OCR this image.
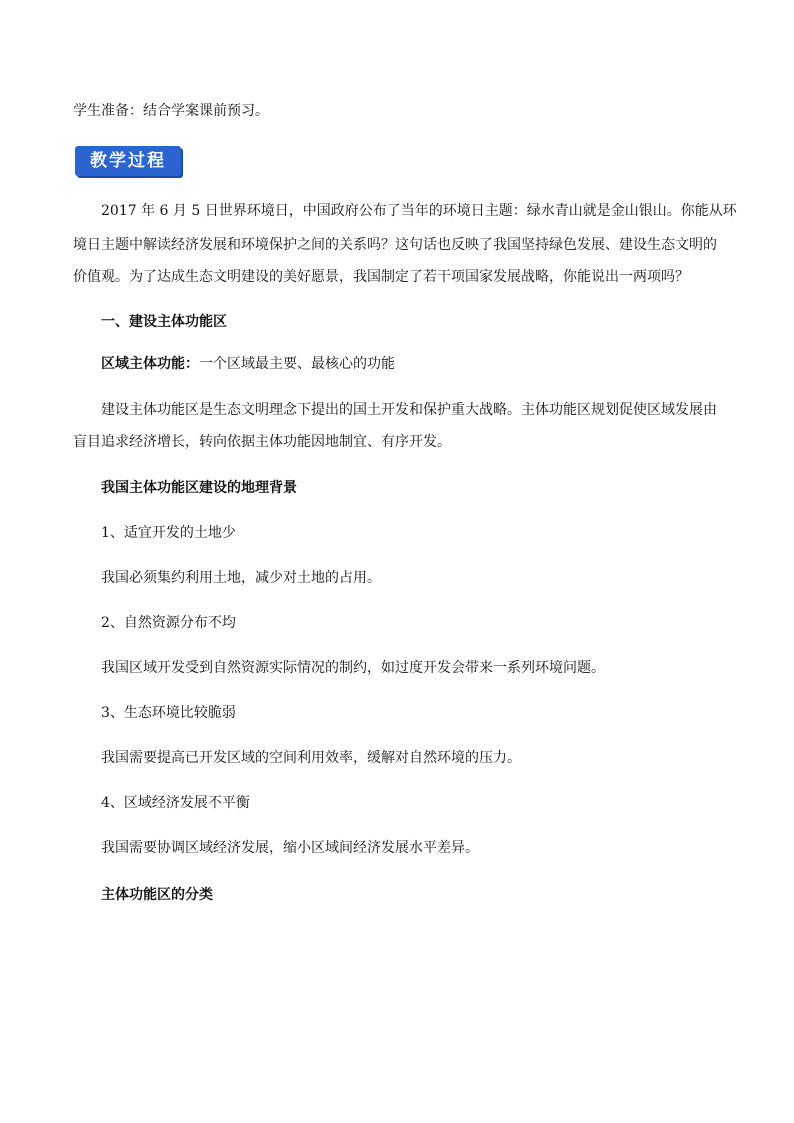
学生准备：结合学案课前预习。
教学过程
2017 年 6 月 5 日世界环境日，中国政府公布了当年的环境日主题：绿水青山就是金山银山。你能从环
境日主题中解读经济发展和环境保护之间的关系吗？这句话也反映了我国坚持绿色发展、建设生态文明的
价值观。为了达成生态文明建设的美好愿景，我国制定了若干项国家发展战略，你能说出一两项吗？
一、建设主体功能区
区域主体功能：一个区域最主要、最核心的功能
建设主体功能区是生态文明理念下提出的国土开发和保护重大战略。主体功能区规划促使区域发展由
盲目追求经济增长，转向依据主体功能因地制宜、有序开发。
我国主体功能区建设的地理背景
1、适宜开发的土地少
我国必须集约利用土地，减少对土地的占用。
2、自然资源分布不均
我国区域开发受到自然资源实际情况的制约，如过度开发会带来一系列环境问题。
3、生态环境比较脆弱
我国需要提高已开发区域的空间利用效率，缓解对自然环境的压力。
4、区域经济发展不平衡
我国需要协调区域经济发展，缩小区域间经济发展水平差异。
主体功能区的分类
